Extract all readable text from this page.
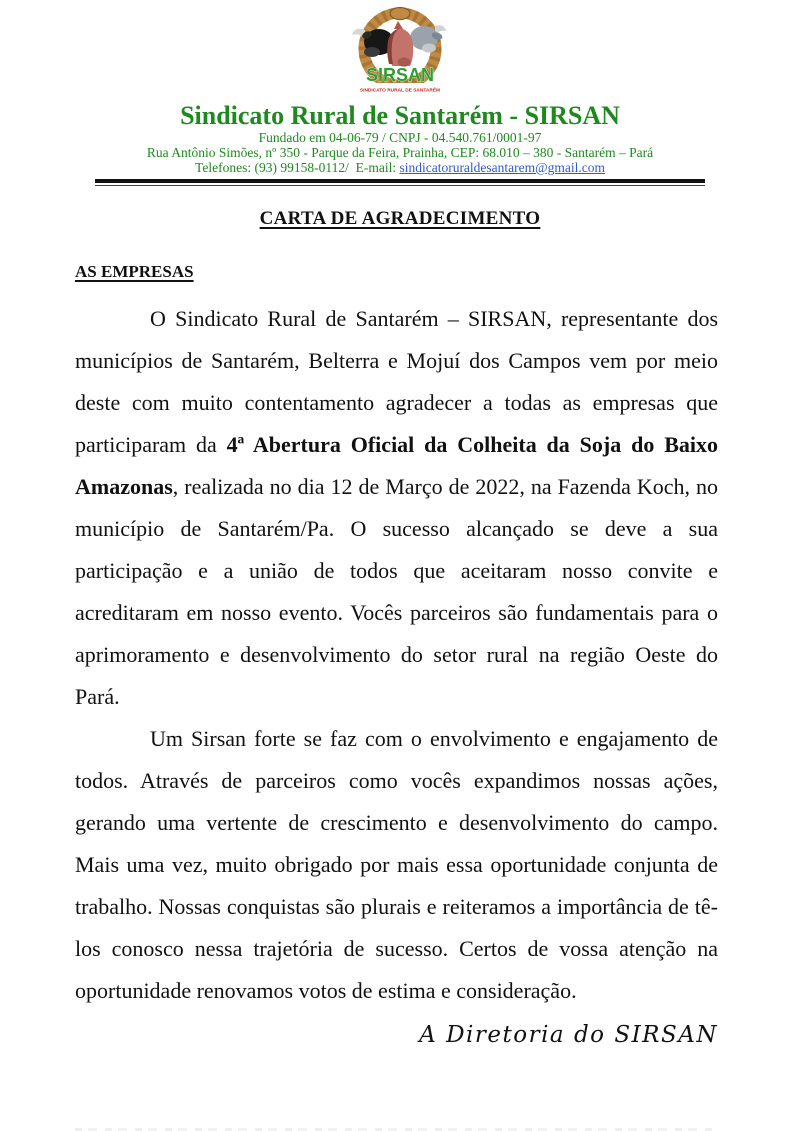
SIRSAN
SINDICATO RURAL DE SANTARÉM
Sindicato Rural de Santarém - SIRSAN

Fundado em 04-06-79 / CNPJ - 04.540.761/0001-97

Rua Antônio Simões, nº 350 - Parque da Feira, Prainha, CEP: 68.010 – 380 - Santarém – Pará

Telefones: (93) 99158-0112/ E-mail: sindicatoruraldesantarem@gmail.com

CARTA DE AGRADECIMENTO

AS EMPRESAS

O Sindicato Rural de Santarém – SIRSAN, representante dos municípios de Santarém, Belterra e Mojuí dos Campos vem por meio deste com muito contentamento agradecer a todas as empresas que participaram da 4ª Abertura Oficial da Colheita da Soja do Baixo Amazonas, realizada no dia 12 de Março de 2022, na Fazenda Koch, no município de Santarém/Pa. O sucesso alcançado se deve a sua participação e a união de todos que aceitaram nosso convite e acreditaram em nosso evento. Vocês parceiros são fundamentais para o aprimoramento e desenvolvimento do setor rural na região Oeste do Pará.

Um Sirsan forte se faz com o envolvimento e engajamento de todos. Através de parceiros como vocês expandimos nossas ações, gerando uma vertente de crescimento e desenvolvimento do campo. Mais uma vez, muito obrigado por mais essa oportunidade conjunta de trabalho. Nossas conquistas são plurais e reiteramos a importância de tê-los conosco nessa trajetória de sucesso. Certos de vossa atenção na oportunidade renovamos votos de estima e consideração.

A Diretoria do SIRSAN
